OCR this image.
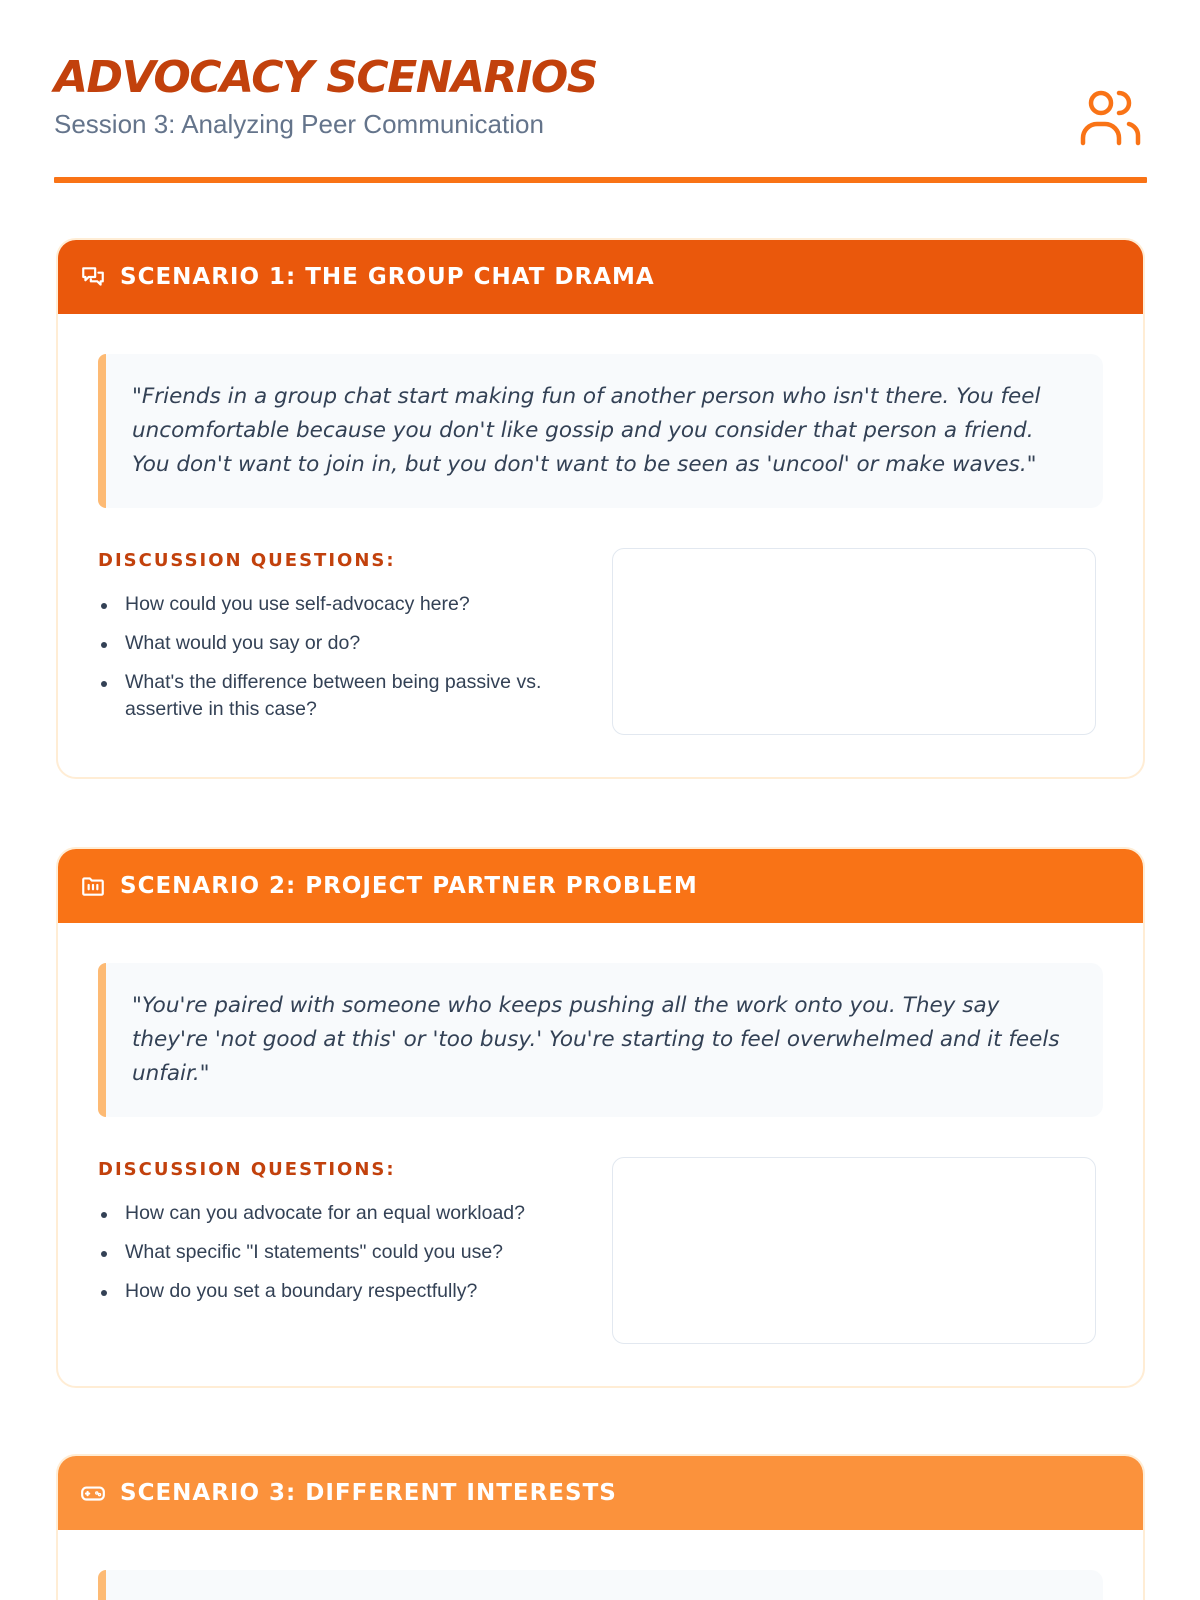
ADVOCACY SCENARIOS
Session 3: Analyzing Peer Communication
SCENARIO 1: THE GROUP CHAT DRAMA
"Friends in a group chat start making fun of another person who isn't there. You feel uncomfortable because you don't like gossip and you consider that person a friend. You don't want to join in, but you don't want to be seen as 'uncool' or make waves."
DISCUSSION QUESTIONS:
How could you use self-advocacy here?
What would you say or do?
What's the difference between being passive vs. assertive in this case?
SCENARIO 2: PROJECT PARTNER PROBLEM
"You're paired with someone who keeps pushing all the work onto you. They say they're 'not good at this' or 'too busy.' You're starting to feel overwhelmed and it feels unfair."
DISCUSSION QUESTIONS:
How can you advocate for an equal workload?
What specific "I statements" could you use?
How do you set a boundary respectfully?
SCENARIO 3: DIFFERENT INTERESTS
